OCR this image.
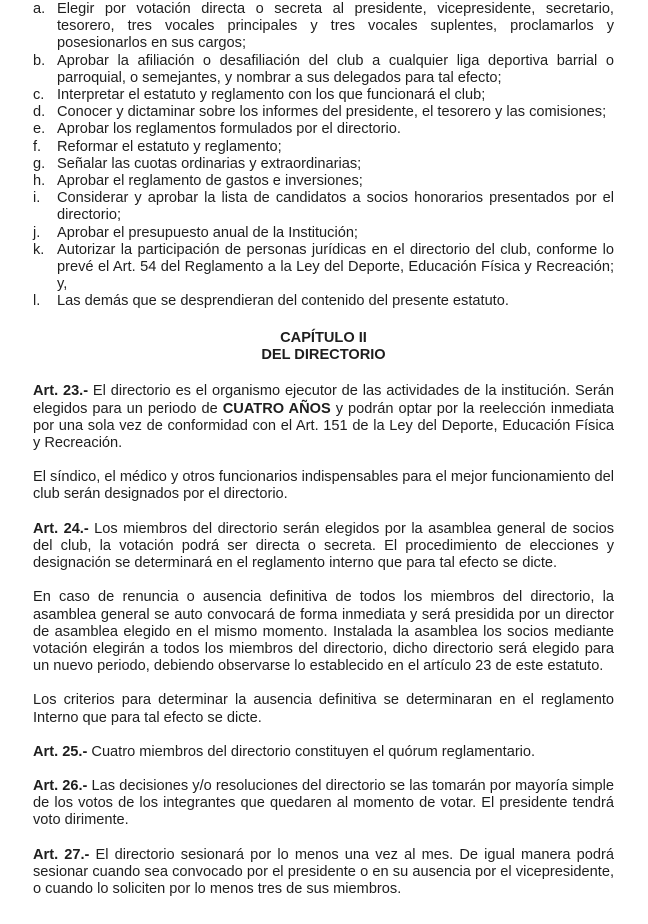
a. Elegir por votación directa o secreta al presidente, vicepresidente, secretario, tesorero, tres vocales principales y tres vocales suplentes, proclamarlos y posesionarlos en sus cargos;
b. Aprobar la afiliación o desafiliación del club a cualquier liga deportiva barrial o parroquial, o semejantes, y nombrar a sus delegados para tal efecto;
c. Interpretar el estatuto y reglamento con los que funcionará el club;
d. Conocer y dictaminar sobre los informes del presidente, el tesorero y las comisiones;
e. Aprobar los reglamentos formulados por el directorio.
f.	Reformar el estatuto y reglamento;
g. Señalar las cuotas ordinarias y extraordinarias;
h. Aprobar el reglamento de gastos e inversiones;
i.	Considerar y aprobar la lista de candidatos a socios honorarios presentados por el directorio;
j.	Aprobar el presupuesto anual de la Institución;
k. Autorizar la participación de personas jurídicas en el directorio del club, conforme lo prevé el Art. 54 del Reglamento a la Ley del Deporte, Educación Física y Recreación; y,
l.	Las demás que se desprendieran del contenido del presente estatuto.
CAPÍTULO II
DEL DIRECTORIO

Art. 23.- El directorio es el organismo ejecutor de las actividades de la institución. Serán elegidos para un periodo de CUATRO AÑOS y podrán optar por la reelección inmediata por una sola vez de conformidad con el Art. 151 de la Ley del Deporte, Educación Física y Recreación.

El síndico, el médico y otros funcionarios indispensables para el mejor funcionamiento del club serán designados por el directorio.

Art. 24.- Los miembros del directorio serán elegidos por la asamblea general de socios del club, la votación podrá ser directa o secreta. El procedimiento de elecciones y designación se determinará en el reglamento interno que para tal efecto se dicte.

En caso de renuncia o ausencia definitiva de todos los miembros del directorio, la asamblea general se auto convocará de forma inmediata y será presidida por un director de asamblea elegido en el mismo momento. Instalada la asamblea los socios mediante votación elegirán a todos los miembros del directorio, dicho directorio será elegido para un nuevo periodo, debiendo observarse lo establecido en el artículo 23 de este estatuto.

Los criterios para determinar la ausencia definitiva se determinaran en el reglamento Interno que para tal efecto se dicte.

Art. 25.- Cuatro miembros del directorio constituyen el quórum reglamentario.

Art. 26.- Las decisiones y/o resoluciones del directorio se las tomarán por mayoría simple de los votos de los integrantes que quedaren al momento de votar. El presidente tendrá voto dirimente.

Art. 27.- El directorio sesionará por lo menos una vez al mes. De igual manera podrá sesionar cuando sea convocado por el presidente o en su ausencia por el vicepresidente, o cuando lo soliciten por lo menos tres de sus miembros.
